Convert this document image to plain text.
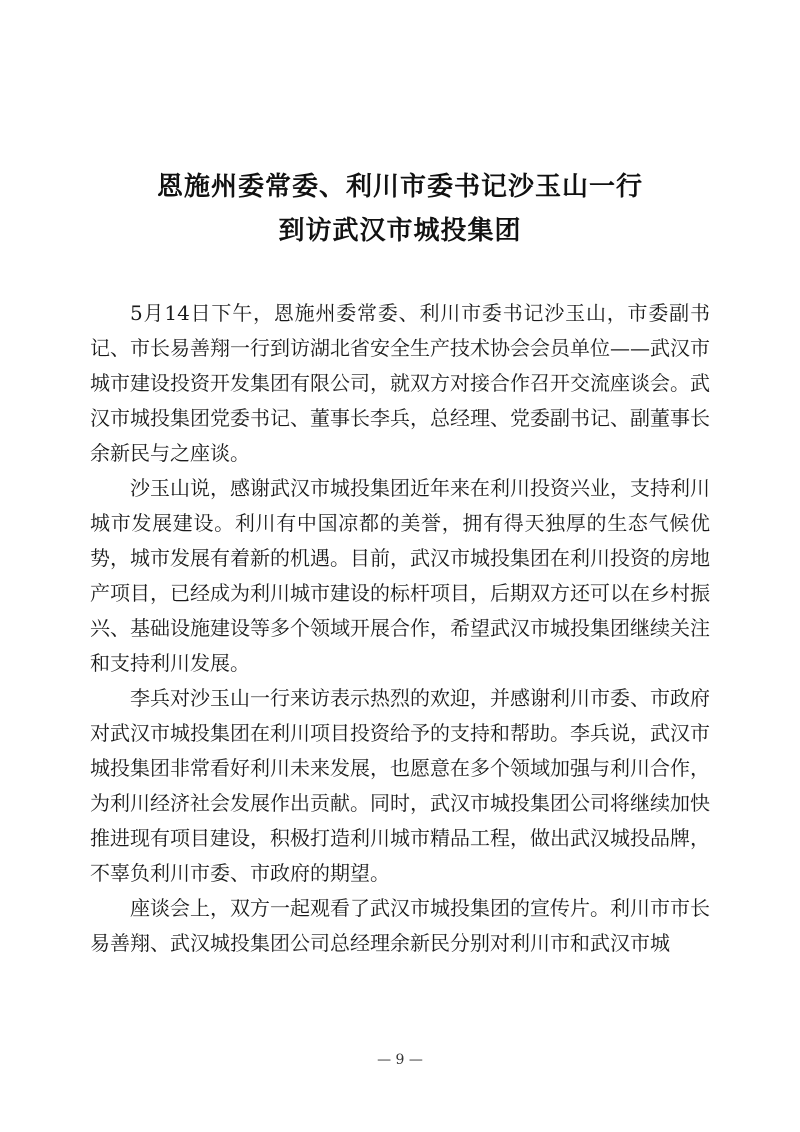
恩施州委常委、利川市委书记沙玉山一行
到访武汉市城投集团

5月14日下午，恩施州委常委、利川市委书记沙玉山，市委副书记、市长易善翔一行到访湖北省安全生产技术协会会员单位——武汉市城市建设投资开发集团有限公司，就双方对接合作召开交流座谈会。武汉市城投集团党委书记、董事长李兵，总经理、党委副书记、副董事长余新民与之座谈。

沙玉山说，感谢武汉市城投集团近年来在利川投资兴业，支持利川城市发展建设。利川有中国凉都的美誉，拥有得天独厚的生态气候优势，城市发展有着新的机遇。目前，武汉市城投集团在利川投资的房地产项目，已经成为利川城市建设的标杆项目，后期双方还可以在乡村振兴、基础设施建设等多个领域开展合作，希望武汉市城投集团继续关注和支持利川发展。

李兵对沙玉山一行来访表示热烈的欢迎，并感谢利川市委、市政府对武汉市城投集团在利川项目投资给予的支持和帮助。李兵说，武汉市城投集团非常看好利川未来发展，也愿意在多个领域加强与利川合作，为利川经济社会发展作出贡献。同时，武汉市城投集团公司将继续加快推进现有项目建设，积极打造利川城市精品工程，做出武汉城投品牌，不辜负利川市委、市政府的期望。

座谈会上，双方一起观看了武汉市城投集团的宣传片。利川市市长易善翔、武汉城投集团公司总经理余新民分别对利川市和武汉市城

— 9 —
